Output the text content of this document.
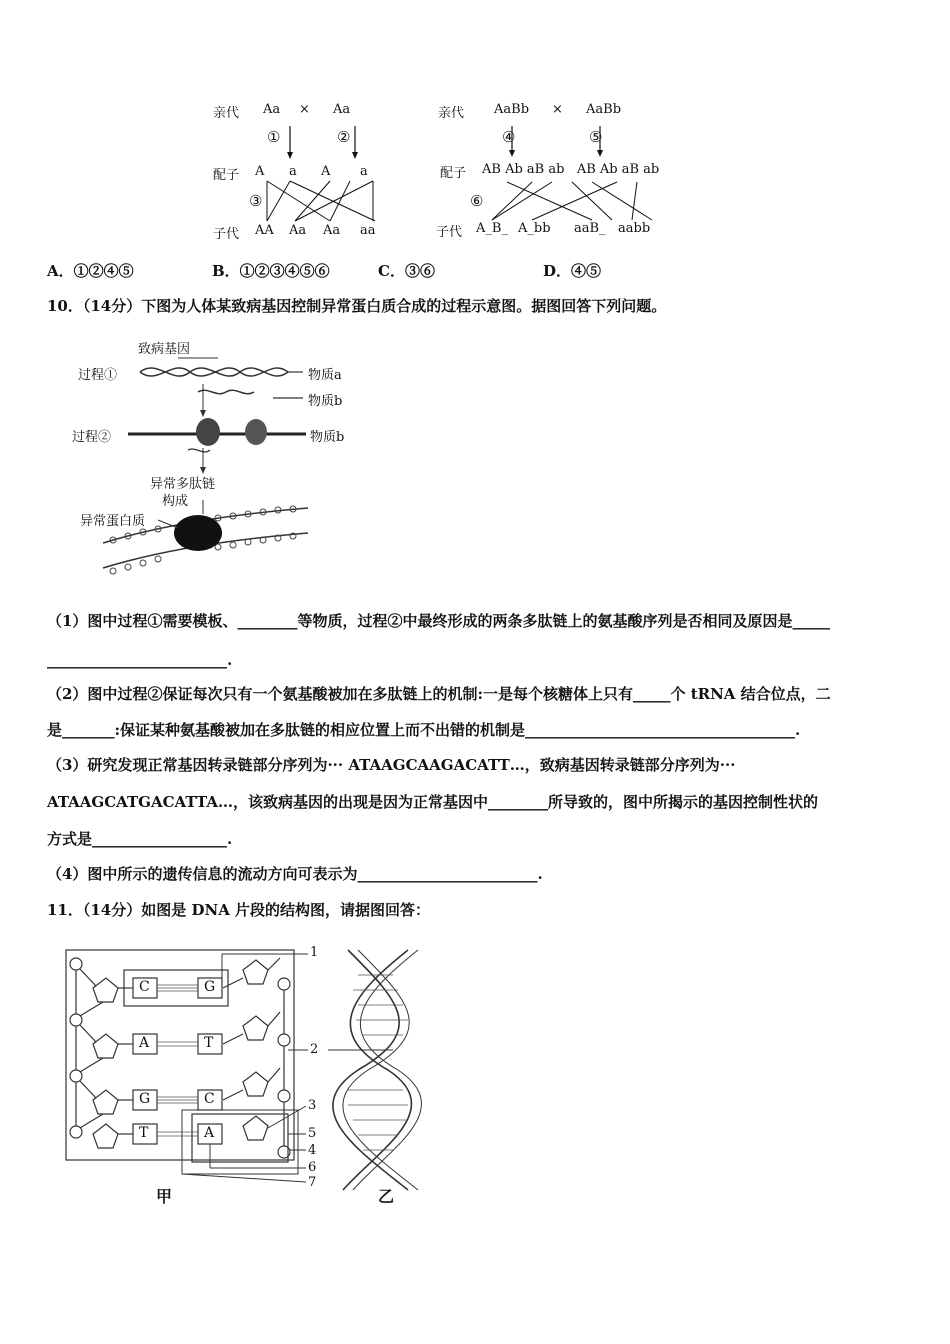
亲代 Aa × Aa
①	②
配子 A a A a
③
子代 AA Aa Aa aa
亲代 AaBb × AaBb
④	⑤
配子 AB Ab aB ab   AB Ab aB ab
⑥
子代 A_B_ A_bb aaB_ aabb
A．①②④⑤	B．①②③④⑤⑥	C．③⑥	D．④⑤
10．（14分）下图为人体某致病基因控制异常蛋白质合成的过程示意图。据图回答下列问题。
致病基因
过程①	物质a
物质b
过程②	物质b
异常多肽链
构成
异常蛋白质
（1）图中过程①需要模板、________等物质，过程②中最终形成的两条多肽链上的氨基酸序列是否相同及原因是_____
________________________.
（2）图中过程②保证每次只有一个氨基酸被加在多肽链上的机制:一是每个核糖体上只有_____个 tRNA 结合位点，二
是_______:保证某种氨基酸被加在多肽链的相应位置上而不出错的机制是____________________________________.
（3）研究发现正常基因转录链部分序列为··· ATAAGCAAGACATT…，致病基因转录链部分序列为···
ATAAGCATGACATTA…，该致病基因的出现是因为正常基因中________所导致的，图中所揭示的基因控制性状的
方式是__________________.
（4）图中所示的遗传信息的流动方向可表示为________________________.
11．（14分）如图是 DNA 片段的结构图，请据图回答：
C
A
G
T
G
T
C
A
1
2
3
5
4
6
7
甲	乙
